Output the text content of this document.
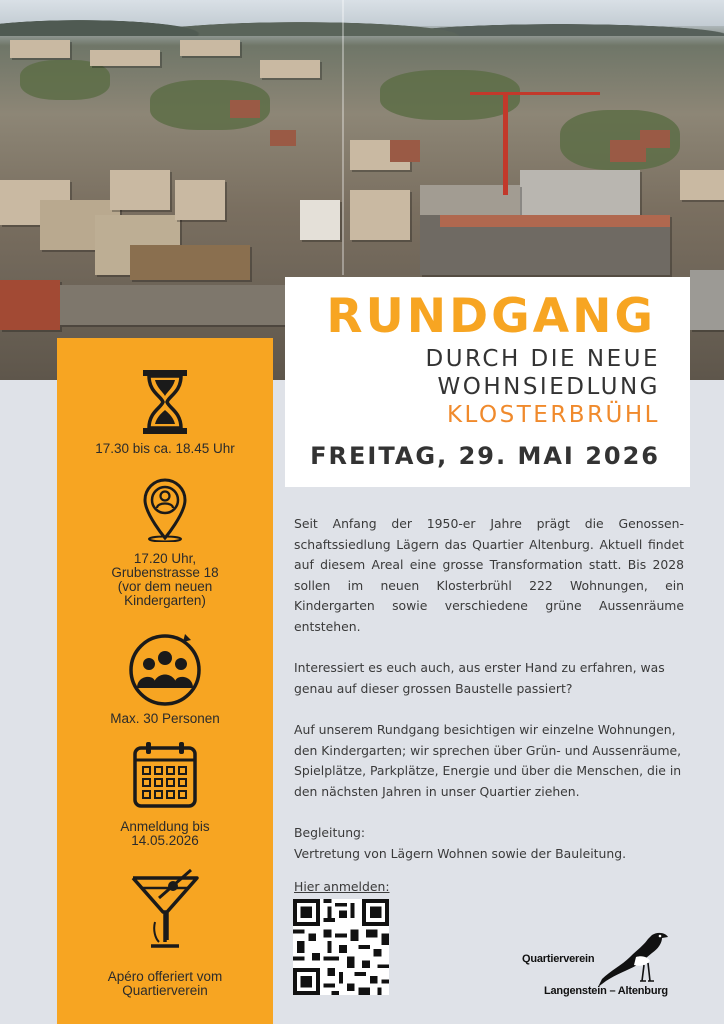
17.30 bis ca. 18.45 Uhr
17.20 Uhr,
Grubenstrasse 18
(vor dem neuen
Kindergarten)
Max. 30 Personen
Anmeldung bis
14.05.2026
Apéro offeriert vom
Quartierverein
RUNDGANG
DURCH DIE NEUE
WOHNSIEDLUNG
KLOSTERBRÜHL
FREITAG, 29. MAI 2026

Seit Anfang der 1950-er Jahre prägt die Genossen-schaftssiedlung Lägern das Quartier Altenburg. Aktuell findet auf diesem Areal eine grosse Transformation statt. Bis 2028 sollen im neuen Klosterbrühl 222 Wohnungen, ein Kindergarten sowie verschiedene grüne Aussenräume entstehen.

Interessiert es euch auch, aus erster Hand zu erfahren, was genau auf dieser grossen Baustelle passiert?

Auf unserem Rundgang besichtigen wir einzelne Wohnungen, den Kindergarten; wir sprechen über Grün- und Aussenräume, Spielplätze, Parkplätze, Energie und über die Menschen, die in den nächsten Jahren in unser Quartier ziehen.

Begleitung:

Vertretung von Lägern Wohnen sowie der Bauleitung.

Hier anmelden:
Quartierverein
Langenstein – Altenburg
